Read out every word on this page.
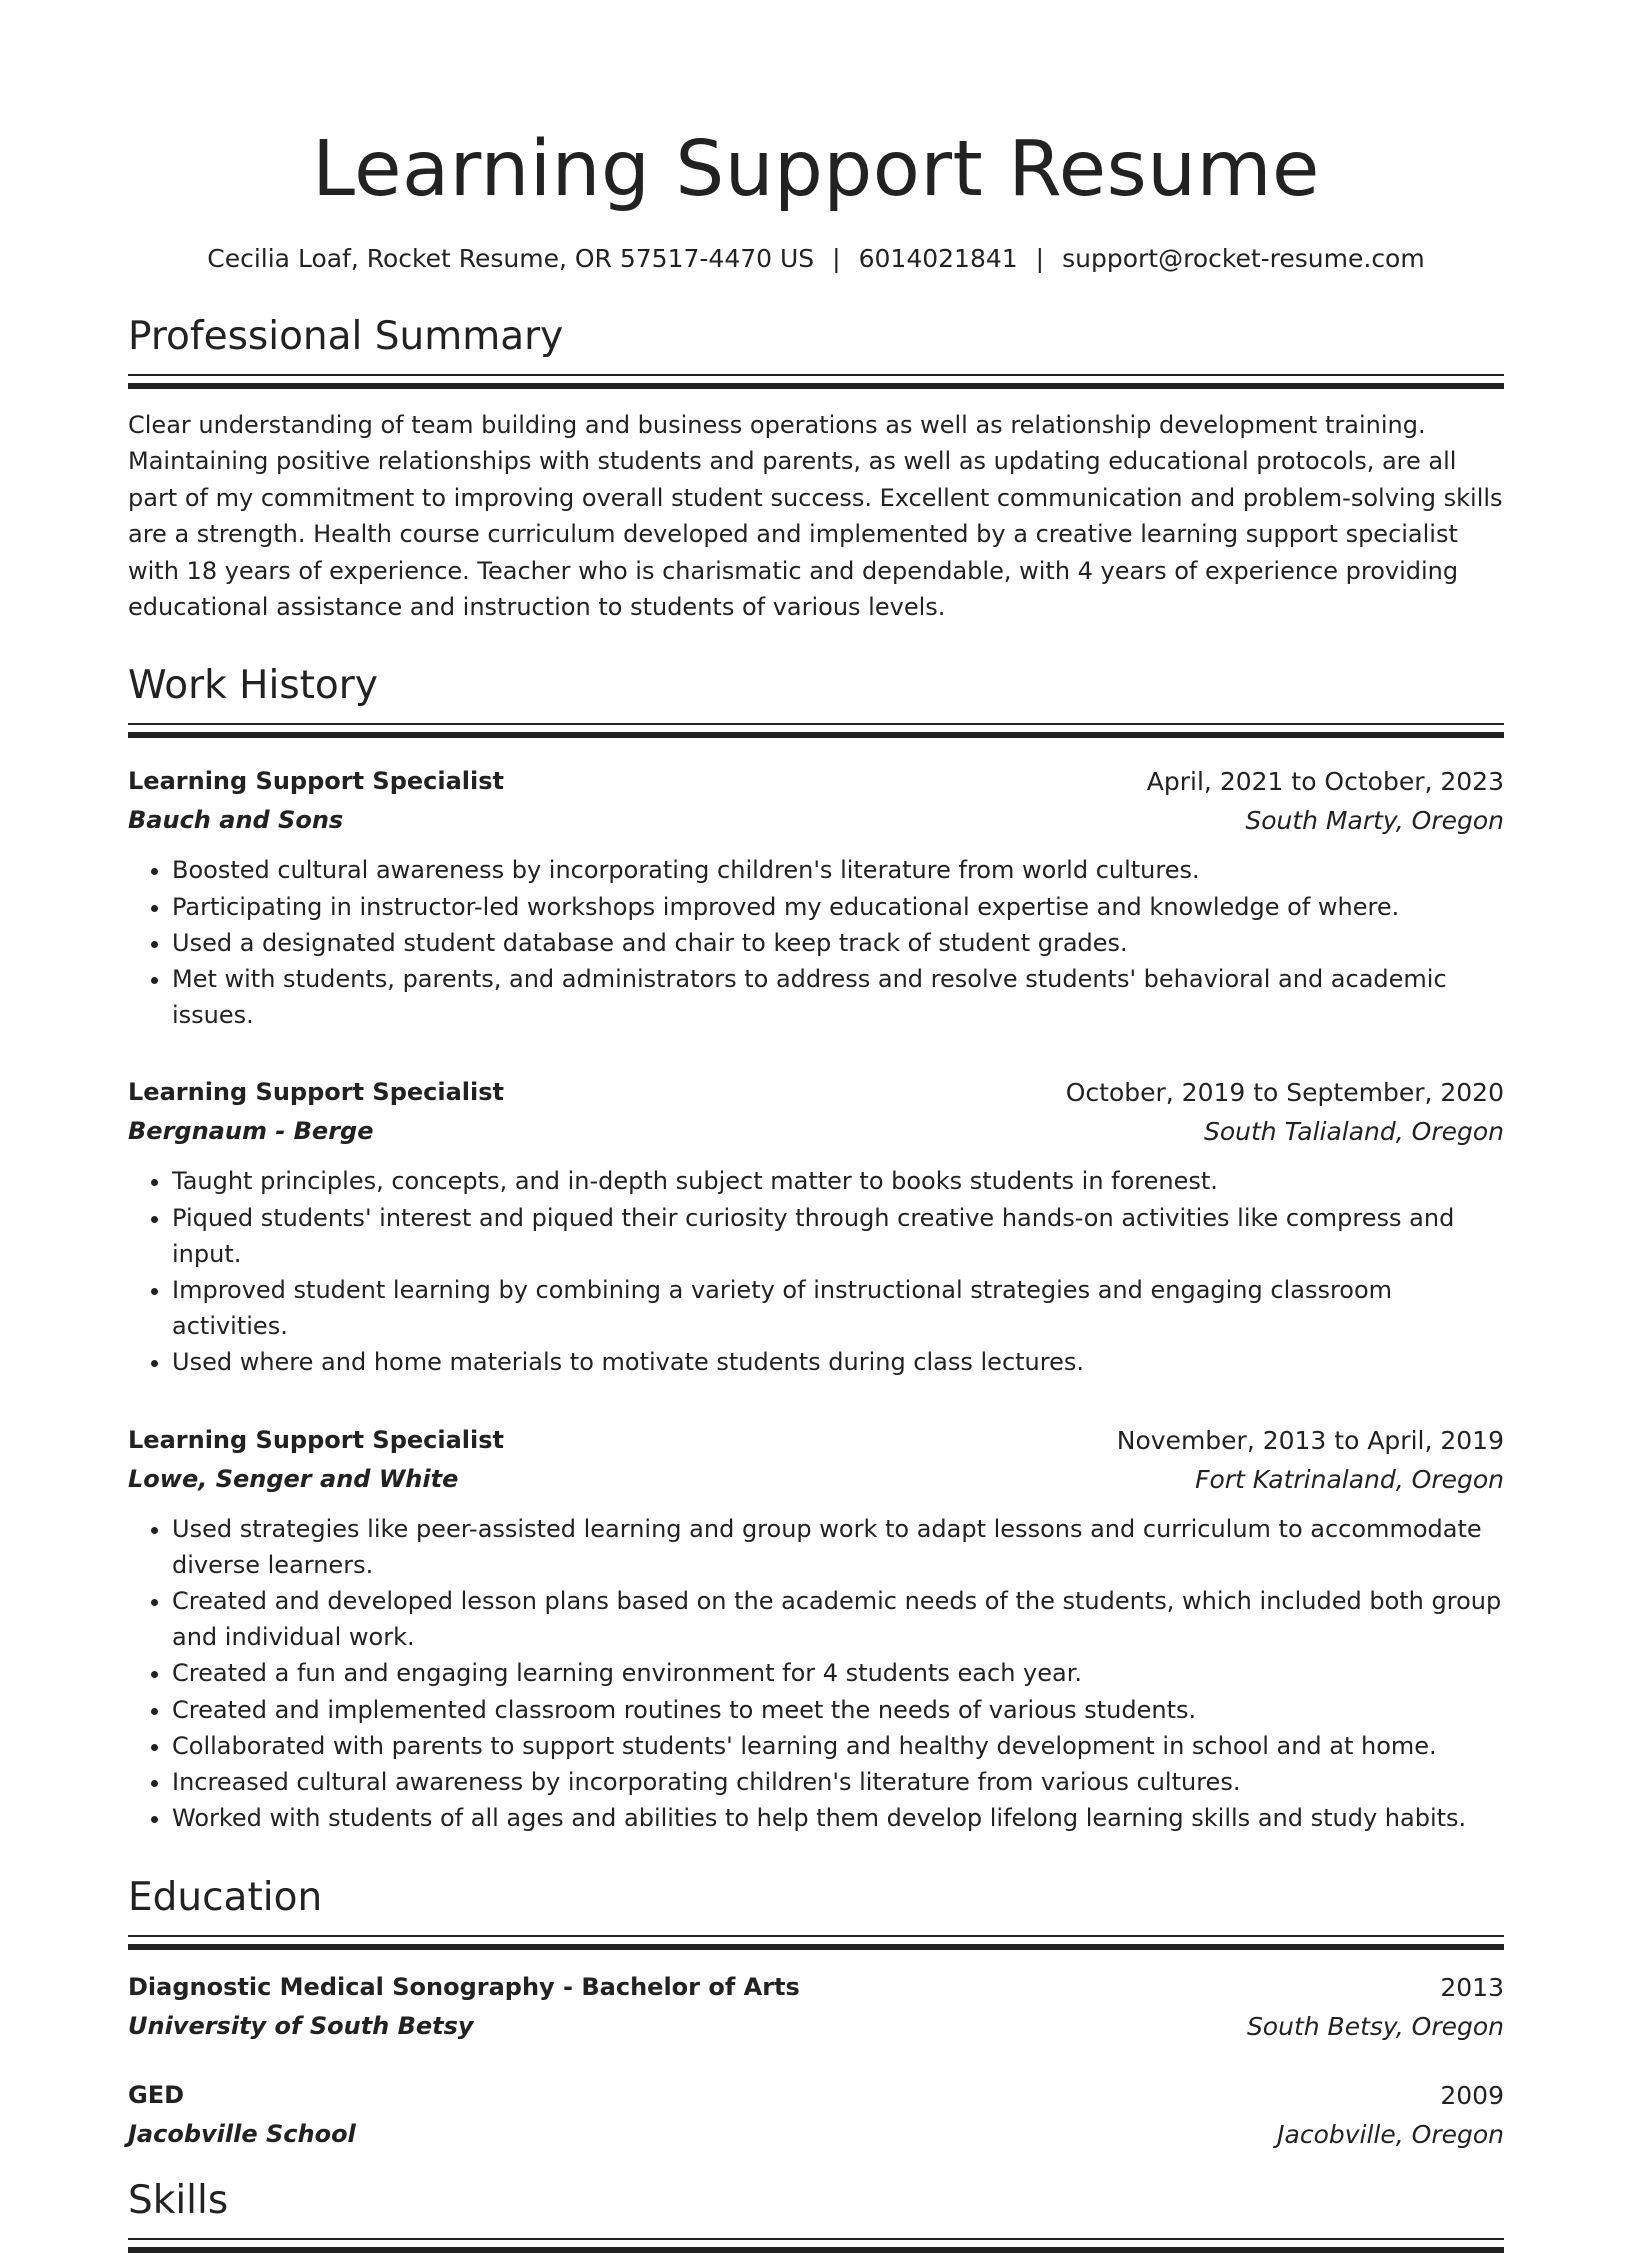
Learning Support Resume
Cecilia Loaf, Rocket Resume, OR 57517-4470 US | 6014021841 | support@rocket-resume.com
Professional Summary
Clear understanding of team building and business operations as well as relationship development training. Maintaining positive relationships with students and parents, as well as updating educational protocols, are all part of my commitment to improving overall student success. Excellent communication and problem-solving skills are a strength. Health course curriculum developed and implemented by a creative learning support specialist with 18 years of experience. Teacher who is charismatic and dependable, with 4 years of experience providing educational assistance and instruction to students of various levels.
Work History
Learning Support Specialist	April, 2021 to October, 2023
Bauch and Sons	South Marty, Oregon
• Boosted cultural awareness by incorporating children's literature from world cultures.
• Participating in instructor-led workshops improved my educational expertise and knowledge of where.
• Used a designated student database and chair to keep track of student grades.
• Met with students, parents, and administrators to address and resolve students' behavioral and academic issues.
Learning Support Specialist	October, 2019 to September, 2020
Bergnaum - Berge	South Talialand, Oregon
• Taught principles, concepts, and in-depth subject matter to books students in forenest.
• Piqued students' interest and piqued their curiosity through creative hands-on activities like compress and input.
• Improved student learning by combining a variety of instructional strategies and engaging classroom activities.
• Used where and home materials to motivate students during class lectures.
Learning Support Specialist	November, 2013 to April, 2019
Lowe, Senger and White	Fort Katrinaland, Oregon
• Used strategies like peer-assisted learning and group work to adapt lessons and curriculum to accommodate diverse learners.
• Created and developed lesson plans based on the academic needs of the students, which included both group and individual work.
• Created a fun and engaging learning environment for 4 students each year.
• Created and implemented classroom routines to meet the needs of various students.
• Collaborated with parents to support students' learning and healthy development in school and at home.
• Increased cultural awareness by incorporating children's literature from various cultures.
• Worked with students of all ages and abilities to help them develop lifelong learning skills and study habits.
Education
Diagnostic Medical Sonography - Bachelor of Arts	2013
University of South Betsy	South Betsy, Oregon
GED	2009
Jacobville School	Jacobville, Oregon
Skills
